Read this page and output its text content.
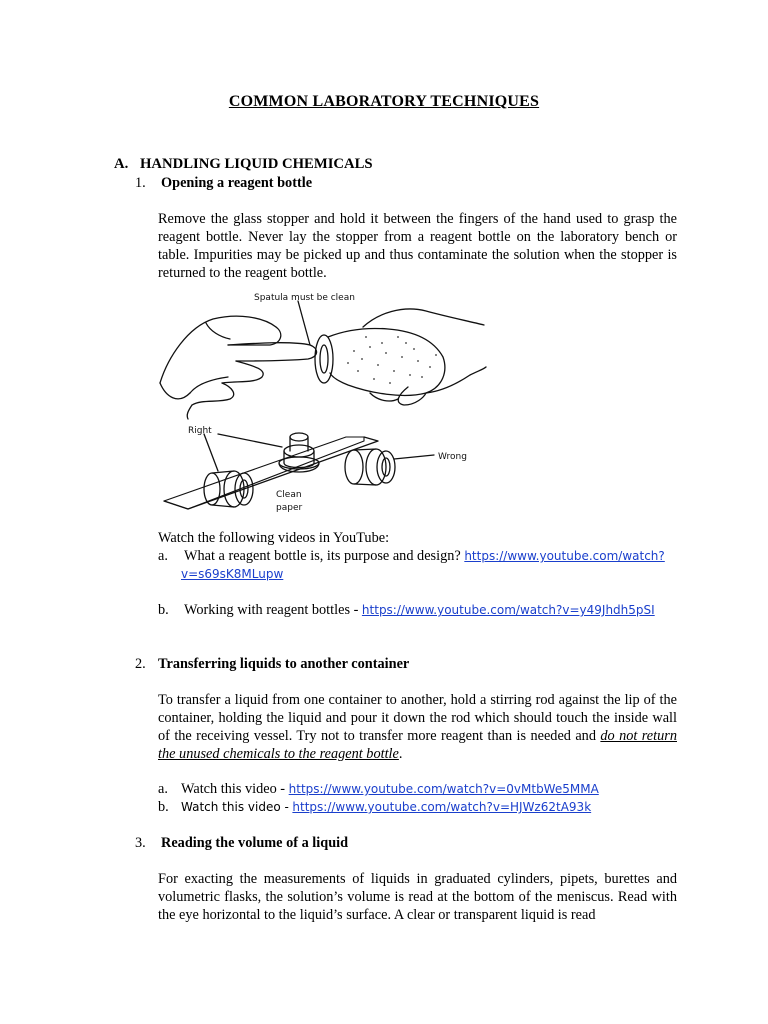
COMMON LABORATORY TECHNIQUES
A. HANDLING LIQUID CHEMICALS
1. Opening a reagent bottle

Remove the glass stopper and hold it between the fingers of the hand used to grasp the reagent bottle. Never lay the stopper from a reagent bottle on the laboratory bench or table. Impurities may be picked up and thus contaminate the solution when the stopper is returned to the reagent bottle.

Spatula must be clean
Right
Wrong
Clean
paper
Watch the following videos in YouTube:
a. What a reagent bottle is, its purpose and design? https://www.youtube.com/watch?
v=s69sK8MLupw
b. Working with reagent bottles - https://www.youtube.com/watch?v=y49Jhdh5pSI
2. Transferring liquids to another container

To transfer a liquid from one container to another, hold a stirring rod against the lip of the container, holding the liquid and pour it down the rod which should touch the inside wall of the receiving vessel. Try not to transfer more reagent than is needed and do not return the unused chemicals to the reagent bottle.

a. Watch this video - https://www.youtube.com/watch?v=0vMtbWe5MMA
b. Watch this video - https://www.youtube.com/watch?v=HJWz62tA93k
3. Reading the volume of a liquid

For exacting the measurements of liquids in graduated cylinders, pipets, burettes and volumetric flasks, the solution’s volume is read at the bottom of the meniscus. Read with the eye horizontal to the liquid’s surface. A clear or transparent liquid is read
